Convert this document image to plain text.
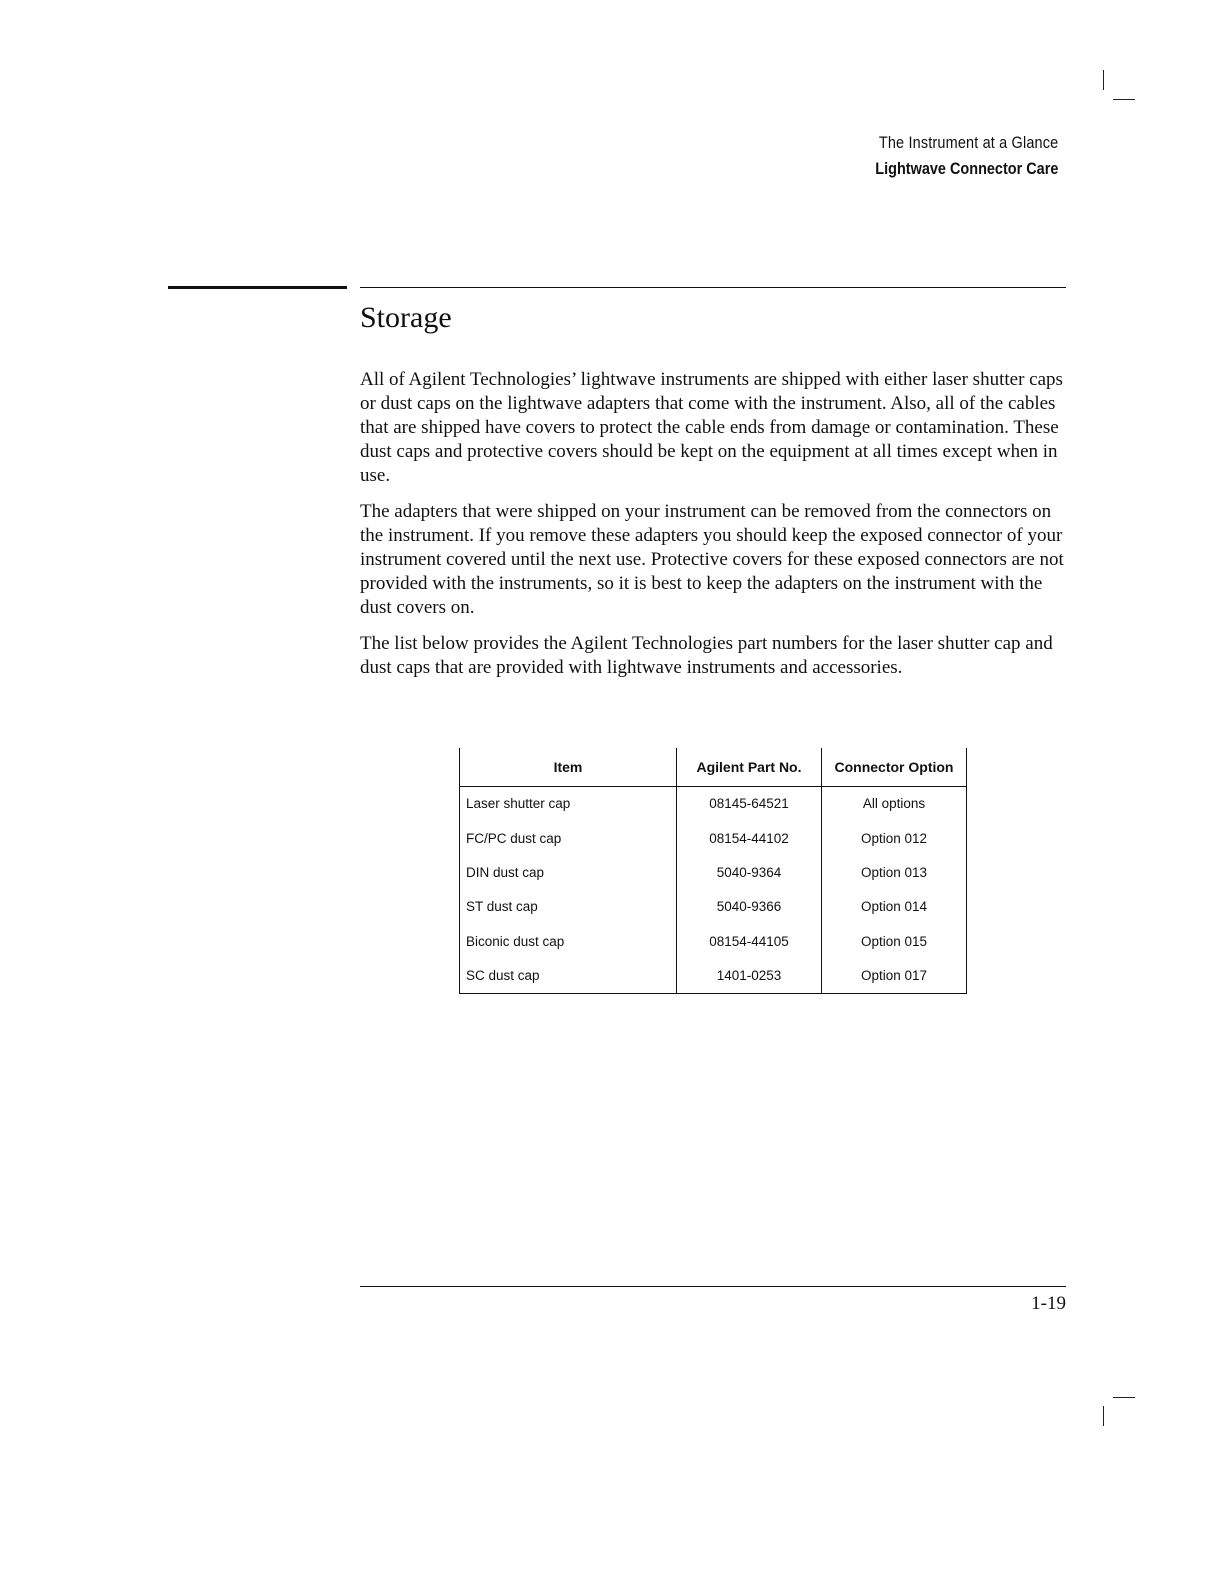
The Instrument at a Glance
Lightwave Connector Care
Storage

All of Agilent Technologies’ lightwave instruments are shipped with either laser shutter caps or dust caps on the lightwave adapters that come with the instrument. Also, all of the cables that are shipped have covers to protect the cable ends from damage or contamination. These dust caps and protective covers should be kept on the equipment at all times except when in use.

The adapters that were shipped on your instrument can be removed from the connectors on the instrument. If you remove these adapters you should keep the exposed connector of your instrument covered until the next use. Protective covers for these exposed connectors are not provided with the instruments, so it is best to keep the adapters on the instrument with the dust covers on.

The list below provides the Agilent Technologies part numbers for the laser shutter cap and dust caps that are provided with lightwave instruments and accessories.

Item	Agilent Part No.	Connector Option
Laser shutter cap	08145-64521	All options
FC/PC dust cap	08154-44102	Option 012
DIN dust cap	5040-9364	Option 013
ST dust cap	5040-9366	Option 014
Biconic dust cap	08154-44105	Option 015
SC dust cap	1401-0253	Option 017
1-19
